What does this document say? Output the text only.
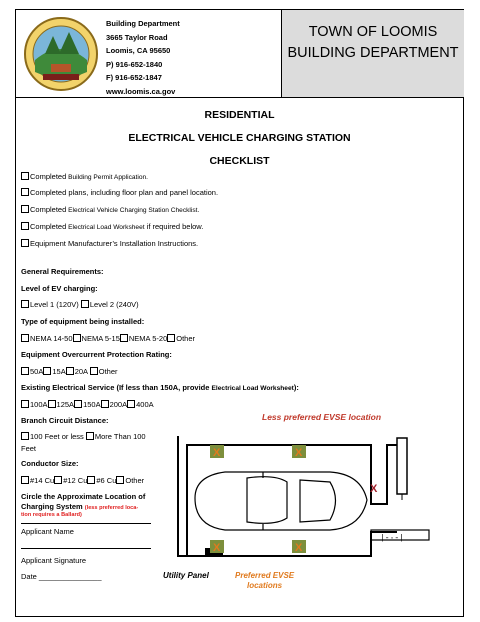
Building Department
3665 Taylor Road
Loomis, CA 95650
P) 916-652-1840
F) 916-652-1847
www.loomis.ca.gov
TOWN OF LOOMIS
BUILDING DEPARTMENT
RESIDENTIAL
ELECTRICAL VEHICLE CHARGING STATION
CHECKLIST
Completed Building Permit Application.
Completed plans, including floor plan and panel location.
Completed Electrical Vehicle Charging Station Checklist.
Completed Electrical Load Worksheet if required below.
Equipment Manufacturer’s Installation Instructions.
General Requirements:
Level of EV charging:
Level 1 (120V) Level 2 (240V)
Type of equipment being installed:
NEMA 14-50 NEMA 5-15 NEMA 5-20 Other
Equipment Overcurrent Protection Rating:
50A 15A 20A Other
Existing Electrical Service (If less than 150A, provide Electrical Load Worksheet):
100A 125A 150A 200A 400A
Branch Circuit Distance:
100 Feet or less More Than 100
Feet
Conductor Size:
#14 Cu #12 Cu #6 Cu Other
Circle the Approximate Location of
Charging System (less preferred loca-
tion requires a Ballard)
Applicant Name
Applicant Signature
Date _______________
Less preferred EVSE location
|-·-|
X	X
X	X
X
Utility Panel	Preferred EVSE
locations
